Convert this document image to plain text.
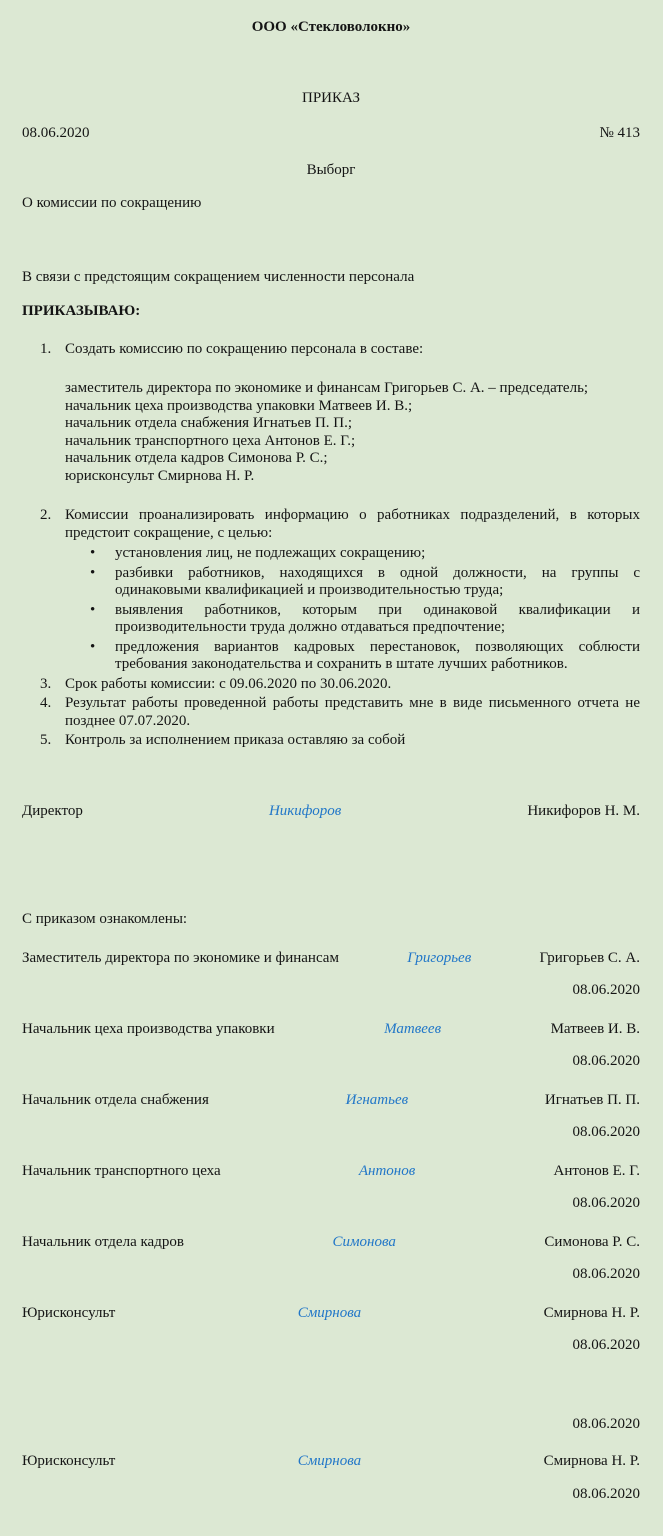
ООО «Стекловолокно»
ПРИКАЗ
08.06.2020	№ 413
Выборг
О комиссии по сокращению
В связи с предстоящим сокращением численности персонала
ПРИКАЗЫВАЮ:
1. Создать комиссию по сокращению персонала в составе:
заместитель директора по экономике и финансам Григорьев С. А. – председатель;
начальник цеха производства упаковки Матвеев И. В.;
начальник отдела снабжения Игнатьев П. П.;
начальник транспортного цеха Антонов Е. Г.;
начальник отдела кадров Симонова Р. С.;
юрисконсульт Смирнова Н. Р.
2. Комиссии проанализировать информацию о работниках подразделений, в которых предстоит сокращение, с целью:
•	установления лиц, не подлежащих сокращению;
•	разбивки работников, находящихся в одной должности, на группы с одинаковыми квалификацией и производительностью труда;
•	выявления работников, которым при одинаковой квалификации и производительности труда должно отдаваться предпочтение;
•	предложения вариантов кадровых перестановок, позволяющих соблюсти требования законодательства и сохранить в штате лучших работников.
3. Срок работы комиссии: с 09.06.2020 по 30.06.2020.
4. Результат работы проведенной работы представить мне в виде письменного отчета не позднее 07.07.2020.
5. Контроль за исполнением приказа оставляю за собой
Директор	Никифоров	Никифоров Н. М.
С приказом ознакомлены:
Заместитель директора по экономике и финансам	Григорьев	Григорьев С. А.
08.06.2020
Начальник цеха производства упаковки	Матвеев	Матвеев И. В.
08.06.2020
Начальник отдела снабжения	Игнатьев	Игнатьев П. П.
08.06.2020
Начальник транспортного цеха	Антонов	Антонов Е. Г.
08.06.2020
Начальник отдела кадров	Симонова	Симонова Р. С.
08.06.2020
Юрисконсульт	Смирнова	Смирнова Н. Р.
08.06.2020
08.06.2020
Юрисконсульт	Смирнова	Смирнова Н. Р.
08.06.2020
